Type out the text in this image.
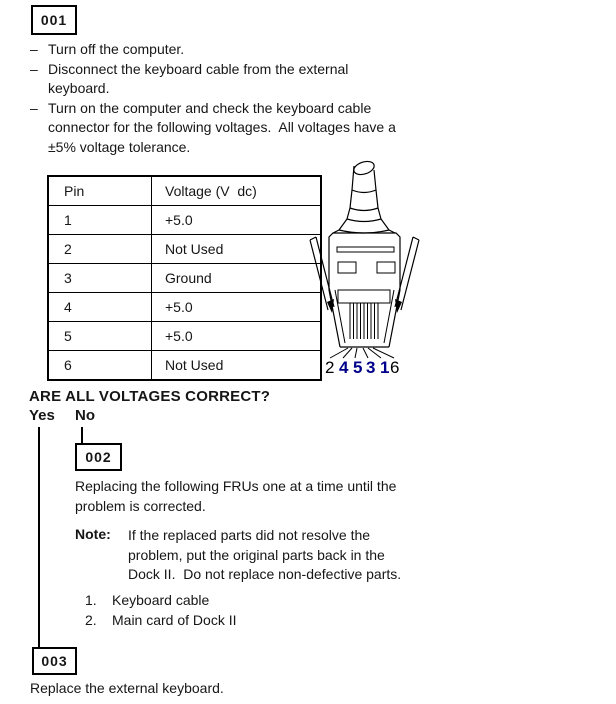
001
– Turn off the computer.
– Disconnect the keyboard cable from the external
keyboard.
– Turn on the computer and check the keyboard cable
connector for the following voltages.  All voltages have a
±5% voltage tolerance.
Pin	Voltage (V  dc)
1	+5.0
2	Not Used
3	Ground
4	+5.0
5	+5.0
6	Not Used	2 4 5 3 1 6
ARE ALL VOLTAGES CORRECT?
Yes No
002
Replacing the following FRUs one at a time until the
problem is corrected.
Note: If the replaced parts did not resolve the
problem, put the original parts back in the
Dock II.  Do not replace non-defective parts.
1.	Keyboard cable
2.	Main card of Dock II
003
Replace the external keyboard.
